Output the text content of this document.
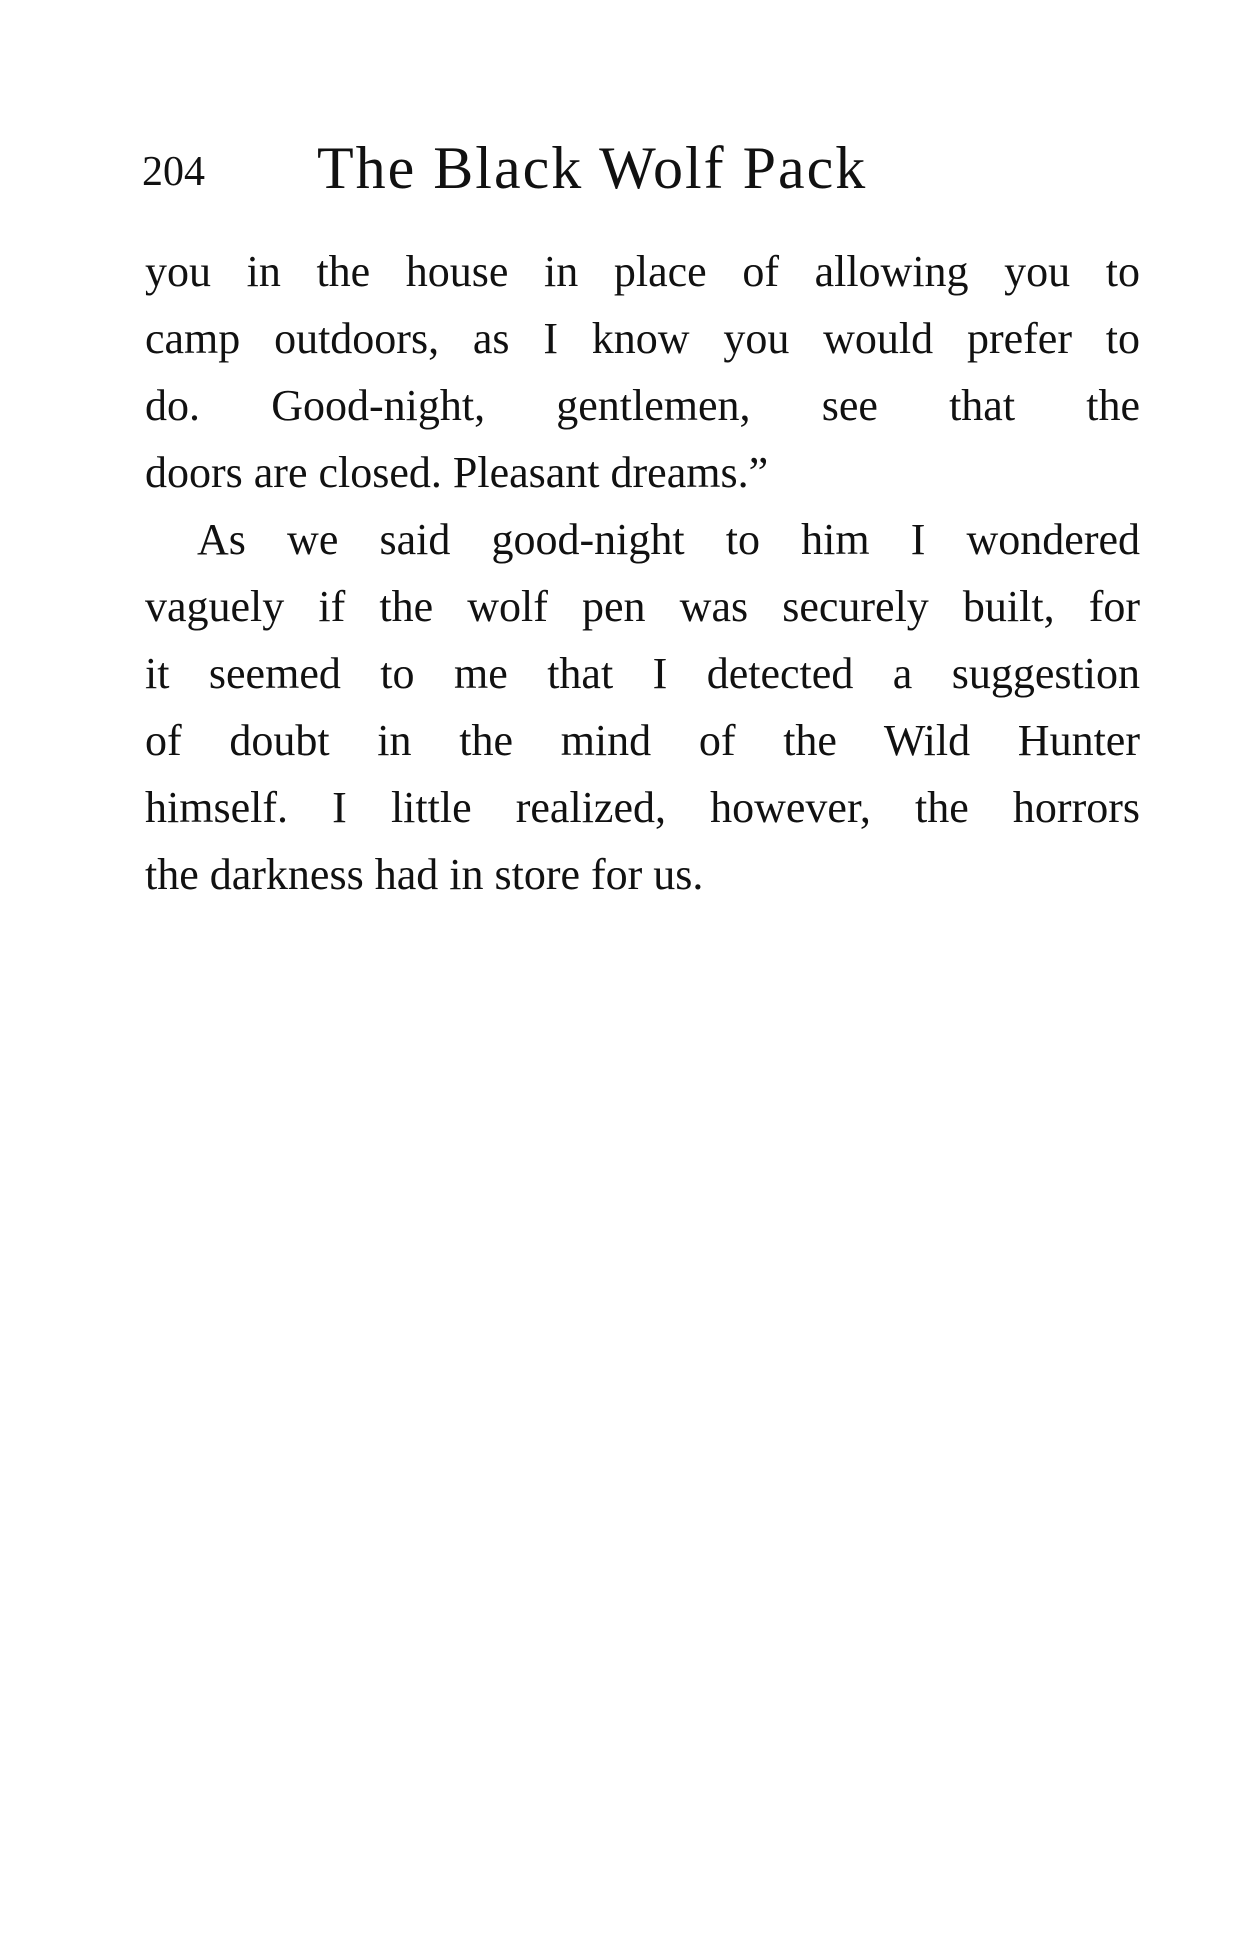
204 The Black Wolf Pack
you in the house in place of allowing you to
camp outdoors, as I know you would prefer to
do. Good-night, gentlemen, see that the
doors are closed. Pleasant dreams.”
As we said good-night to him I wondered
vaguely if the wolf pen was securely built, for
it seemed to me that I detected a suggestion
of doubt in the mind of the Wild Hunter
himself. I little realized, however, the horrors
the darkness had in store for us.
